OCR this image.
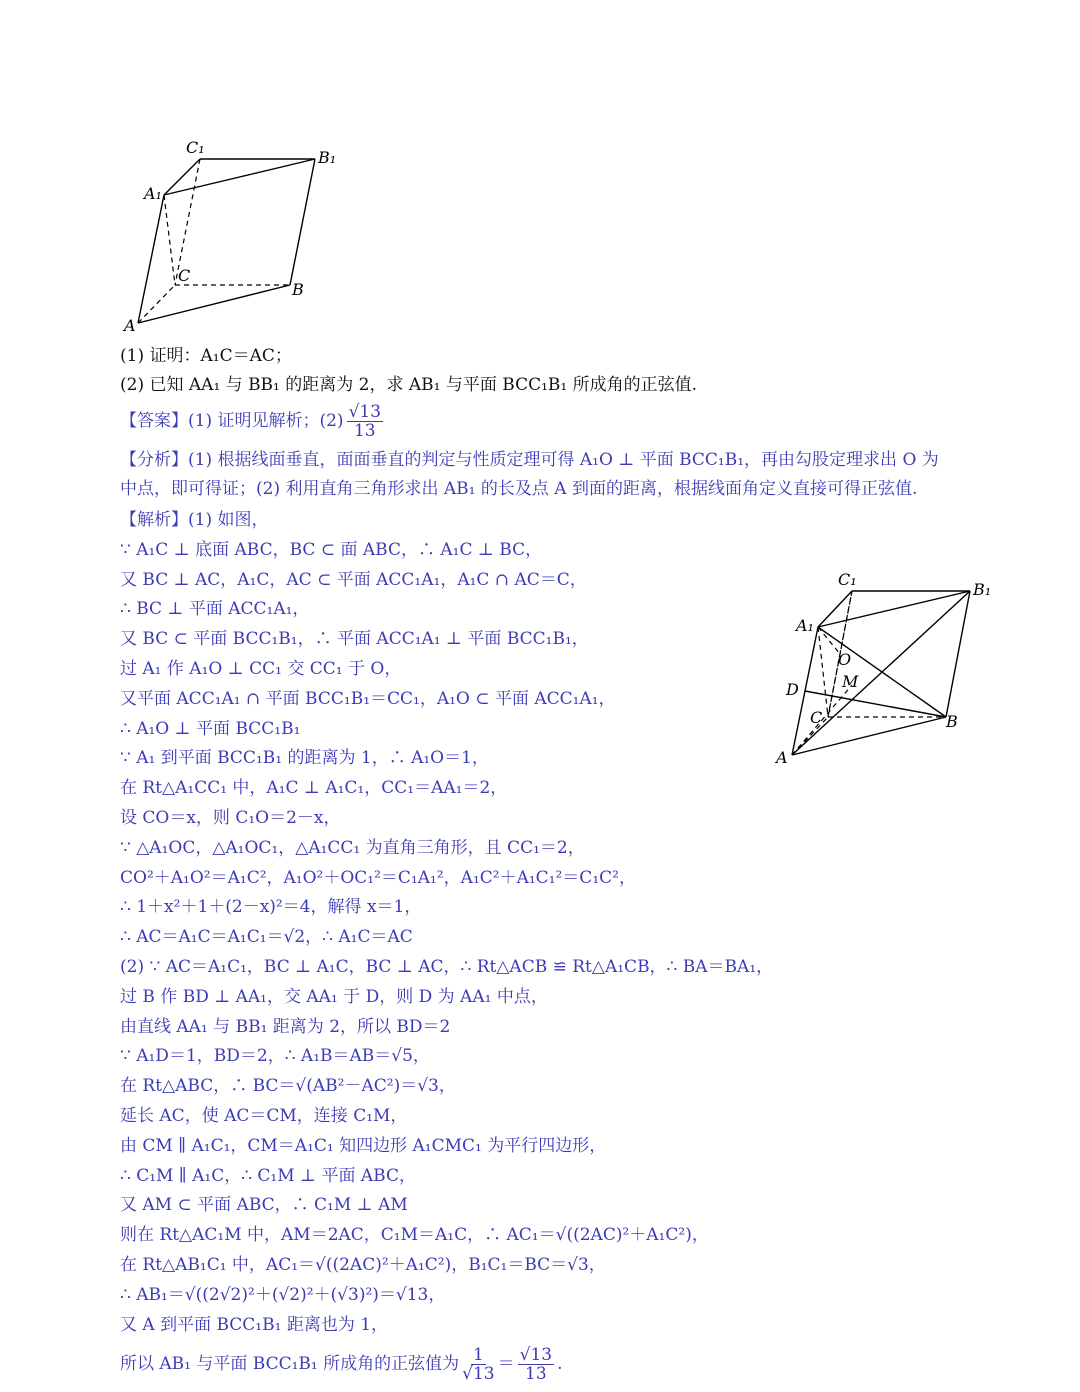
C₁
B₁
A₁
C
B
A
C₁
B₁
A₁
O
M
D
C	B
A
(1) 证明：A₁C＝AC；
(2) 已知 AA₁ 与 BB₁ 的距离为 2，求 AB₁ 与平面 BCC₁B₁ 所成角的正弦值.
【答案】(1) 证明见解析；$(2) \frac{√13}{13}$
【分析】(1) 根据线面垂直，面面垂直的判定与性质定理可得 A₁O ⊥ 平面 BCC₁B₁，再由勾股定理求出 O 为
中点，即可得证；(2) 利用直角三角形求出 AB₁ 的长及点 A 到面的距离，根据线面角定义直接可得正弦值.
【解析】(1) 如图，
∵ A₁C ⊥ 底面 ABC，BC ⊂ 面 ABC，∴ A₁C ⊥ BC，
又 BC ⊥ AC，A₁C，AC ⊂ 平面 ACC₁A₁，A₁C ∩ AC＝C，
∴ BC ⊥ 平面 ACC₁A₁，
又 BC ⊂ 平面 BCC₁B₁，∴ 平面 ACC₁A₁ ⊥ 平面 BCC₁B₁，
过 A₁ 作 A₁O ⊥ CC₁ 交 CC₁ 于 O，
又平面 ACC₁A₁ ∩ 平面 BCC₁B₁＝CC₁，A₁O ⊂ 平面 ACC₁A₁，
∴ A₁O ⊥ 平面 BCC₁B₁
∵ A₁ 到平面 BCC₁B₁ 的距离为 1，∴ A₁O＝1，
在 Rt△A₁CC₁ 中，A₁C ⊥ A₁C₁，CC₁＝AA₁＝2，
设 CO＝x，则 C₁O＝2－x，
∵ △A₁OC，△A₁OC₁，△A₁CC₁ 为直角三角形，且 CC₁＝2，
CO²＋A₁O²＝A₁C²，A₁O²＋OC₁²＝C₁A₁²，A₁C²＋A₁C₁²＝C₁C²，
∴ 1＋x²＋1＋(2－x)²＝4，解得 x＝1，
∴ AC＝A₁C＝A₁C₁＝√2，∴ A₁C＝AC
(2) ∵ AC＝A₁C₁，BC ⊥ A₁C，BC ⊥ AC，∴ Rt△ACB ≌ Rt△A₁CB，∴ BA＝BA₁，
过 B 作 BD ⊥ AA₁，交 AA₁ 于 D，则 D 为 AA₁ 中点，
由直线 AA₁ 与 BB₁ 距离为 2，所以 BD＝2
∵ A₁D＝1，BD＝2，∴ A₁B＝AB＝√5，
在 Rt△ABC，∴ BC＝√(AB²－AC²)＝√3，
延长 AC，使 AC＝CM，连接 C₁M，
由 CM ∥ A₁C₁，CM＝A₁C₁ 知四边形 A₁CMC₁ 为平行四边形，
∴ C₁M ∥ A₁C，∴ C₁M ⊥ 平面 ABC，
又 AM ⊂ 平面 ABC，∴ C₁M ⊥ AM
则在 Rt△AC₁M 中，AM＝2AC，C₁M＝A₁C，∴ AC₁＝√((2AC)²＋A₁C²)，
在 Rt△AB₁C₁ 中，AC₁＝√((2AC)²＋A₁C²)，B₁C₁＝BC＝√3，
∴ AB₁＝√((2√2)²＋(√2)²＋(√3)²)＝√13，
又 A 到平面 BCC₁B₁ 距离也为 1，
所以 AB₁ 与平面 BCC₁B₁ 所成角的正弦值为 $\frac{1}{√13} = \frac{√13}{13}$ .
